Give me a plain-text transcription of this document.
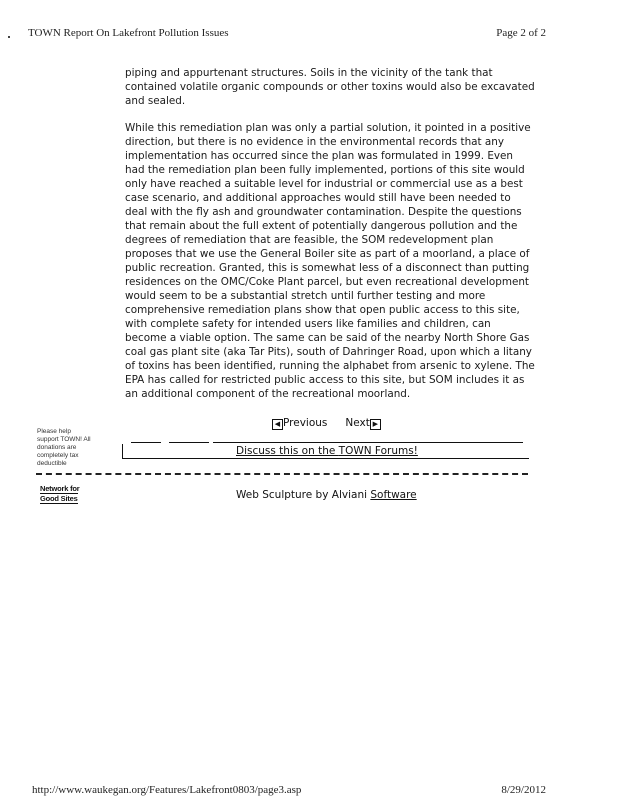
TOWN Report On Lakefront Pollution Issues	Page 2 of 2

piping and appurtenant structures. Soils in the vicinity of the tank that contained volatile organic compounds or other toxins would also be excavated and sealed.

While this remediation plan was only a partial solution, it pointed in a positive direction, but there is no evidence in the environmental records that any implementation has occurred since the plan was formulated in 1999. Even had the remediation plan been fully implemented, portions of this site would only have reached a suitable level for industrial or commercial use as a best case scenario, and additional approaches would still have been needed to deal with the fly ash and groundwater contamination. Despite the questions that remain about the full extent of potentially dangerous pollution and the degrees of remediation that are feasible, the SOM redevelopment plan proposes that we use the General Boiler site as part of a moorland, a place of public recreation. Granted, this is somewhat less of a disconnect than putting residences on the OMC/Coke Plant parcel, but even recreational development would seem to be a substantial stretch until further testing and more comprehensive remediation plans show that open public access to this site, with complete safety for intended users like families and children, can become a viable option. The same can be said of the nearby North Shore Gas coal gas plant site (aka Tar Pits), south of Dahringer Road, upon which a litany of toxins has been identified, running the alphabet from arsenic to xylene. The EPA has called for restricted public access to this site, but SOM includes it as an additional component of the recreational moorland.

Please help support TOWN! All donations are completely tax deductible
◀ Previous Next ▶
Discuss this on the TOWN Forums!
Network for
Good Sites	Web Sculpture by Alviani Software
http://www.waukegan.org/Features/Lakefront0803/page3.asp	8/29/2012
